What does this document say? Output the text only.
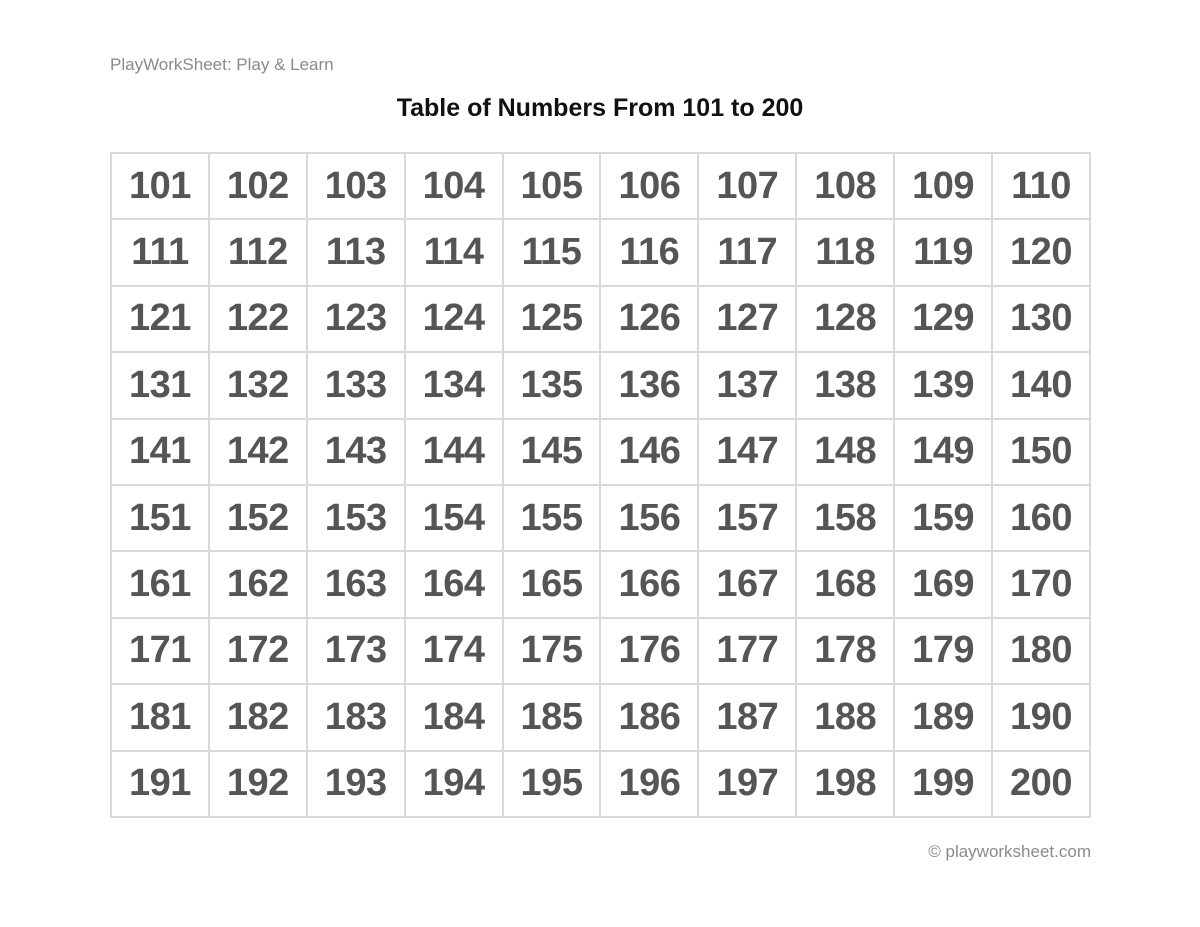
PlayWorkSheet: Play & Learn
Table of Numbers From 101 to 200
101	102	103	104	105	106	107	108	109	110
111	112	113	114	115	116	117	118	119	120
121	122	123	124	125	126	127	128	129	130
131	132	133	134	135	136	137	138	139	140
141	142	143	144	145	146	147	148	149	150
151	152	153	154	155	156	157	158	159	160
161	162	163	164	165	166	167	168	169	170
171	172	173	174	175	176	177	178	179	180
181	182	183	184	185	186	187	188	189	190
191	192	193	194	195	196	197	198	199	200
© playworksheet.com
